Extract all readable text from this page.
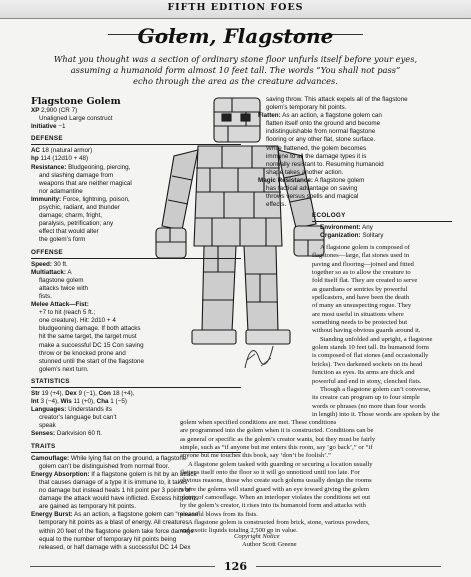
FIFTH EDITION FOES
Golem, Flagstone
What you thought was a section of ordinary stone floor unfurls itself before your eyes,
assuming a humanoid form almost 10 feet tall. The words “You shall not pass”
echo through the area as the creature advances.
Flagstone Golem
XP 2,900 (CR 7)
Unaligned Large construct
Initiative −1
DEFENSE
AC 18 (natural armor)
hp 114 (12d10 + 48)
Resistance: Bludgeoning, piercing,
and slashing damage from
weapons that are neither magical
nor adamantine
Immunity: Force, lightning, poison,
psychic, radiant, and thunder
damage; charm, fright,
paralysis, petrification; any
effect that would alter
the golem’s form
OFFENSE
Speed: 30 ft.
Multiattack: A
flagstone golem
attacks twice with
fists.
Melee Attack—Fist:
+7 to hit (reach 5 ft.;
one creature). Hit: 2d10 + 4
bludgeoning damage. If both attacks
hit the same target, the target must
make a successful DC 15 Con saving
throw or be knocked prone and
stunned until the start of the flagstone
golem’s next turn.
STATISTICS
Str 19 (+4), Dex 9 (−1), Con 18 (+4),
Int 3 (−4), Wis 11 (+0), Cha 1 (−5)
Languages: Understands its
creator’s language but can’t
speak
Senses: Darkvision 60 ft.
TRAITS
Camouflage: While lying flat on the ground, a flagstone
golem can’t be distinguished from normal floor.
Energy Absorption: If a flagstone golem is hit by an attack
that causes damage of a type it is immune to, it takes
no damage but instead heals 1 hit point per 3 points of
damage the attack would have inflicted. Excess hit points
are gained as temporary hit points.
Energy Burst: As an action, a flagstone golem can “release”
temporary hit points as a blast of energy. All creatures
within 20 feet of the flagstone golem take force damage
equal to the number of temporary hit points being
released, or half damage with a successful DC 14 Dex
saving throw. This attack expels all of the flagstone
golem’s temporary hit points.
Flatten: As an action, a flagstone golem can
flatten itself onto the ground and become
indistinguishable from normal flagstone
flooring or any other flat, stone surface.
While flattened, the golem becomes
immune to all the damage types it is
normally resistant to. Resuming humanoid
shape takes another action.
Magic Resistance: A flagstone golem
has tactical advantage on saving
throws versus spells and magical
effects.
ECOLOGY
Environment: Any
Organization: Solitary
A flagstone golem is composed of
flagstones—large, flat stones used in
paving and flooring—joined and fitted
together so as to allow the creature to
fold itself flat. They are created to serve
as guardians or sentries by powerful
spellcasters, and have been the death
of many an unsuspecting rogue. They
are most useful in situations where
something needs to be protected but
without having obvious guards around it.
Standing unfolded and upright, a flagstone
golem stands 10 feet tall. Its humanoid form
is composed of flat stones (and occasionally
bricks). Two darkened sockets on its head
function as eyes. Its arms are thick and
powerful and end in stony, clenched fists.
Though a flagstone golem can’t converse,
its creator can program up to four simple
words or phrases (no more than four words
in length) into it. Those words are spoken by the
golem when specified conditions are met. These conditions
are programmed into the golem when it is constructed. Conditions can be
as general or specific as the golem’s creator wants, but they must be fairly
simple, such as “if anyone but me enters this room, say ‘go back’,” or “if
anyone but me touches this book, say ‘don’t be foolish’.”
A flagstone golem tasked with guarding or securing a location usually
flattens itself onto the floor so it will go unnoticed until too late. For
obvious reasons, those who create such golems usually design the rooms
where the golems will stand guard with an eye toward giving the golem
plenty of camouflage. When an interloper violates the conditions set out
by the golem’s creator, it rises into its humanoid form and attacks with
powerful blows from its fists.
A flagstone golem is constructed from brick, stone, various powders,
and exotic liquids totaling 2,500 gp in value.
Copyright Notice
Author Scott Greene
126
